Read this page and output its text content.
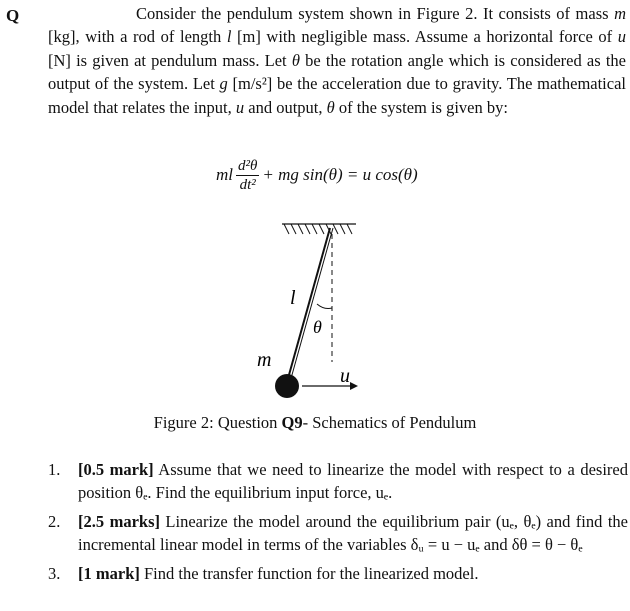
Q	Consider the pendulum system shown in Figure 2. It consists of mass m [kg], with a rod of length l [m] with negligible mass. Assume a horizontal force of u [N] is given at pendulum mass. Let θ be the rotation angle which is considered as the output of the system. Let g [m/s²] be the acceleration due to gravity. The mathematical model that relates the input, u and output, θ of the system is given by:
ml $\frac{\text{d²θ}}{\text{dt²}}$ + mg sin(θ) = u cos(θ)
l
θ
m
u
Figure 2: Question Q9- Schematics of Pendulum
1.	[0.5 mark] Assume that we need to linearize the model with respect to a desired position θₑ. Find the equilibrium input force, uₑ.
2.	[2.5 marks] Linearize the model around the equilibrium pair (uₑ, θₑ) and find the incremental linear model in terms of the variables δᵤ = u − uₑ and δθ = θ − θₑ
3.	[1 mark] Find the transfer function for the linearized model.
